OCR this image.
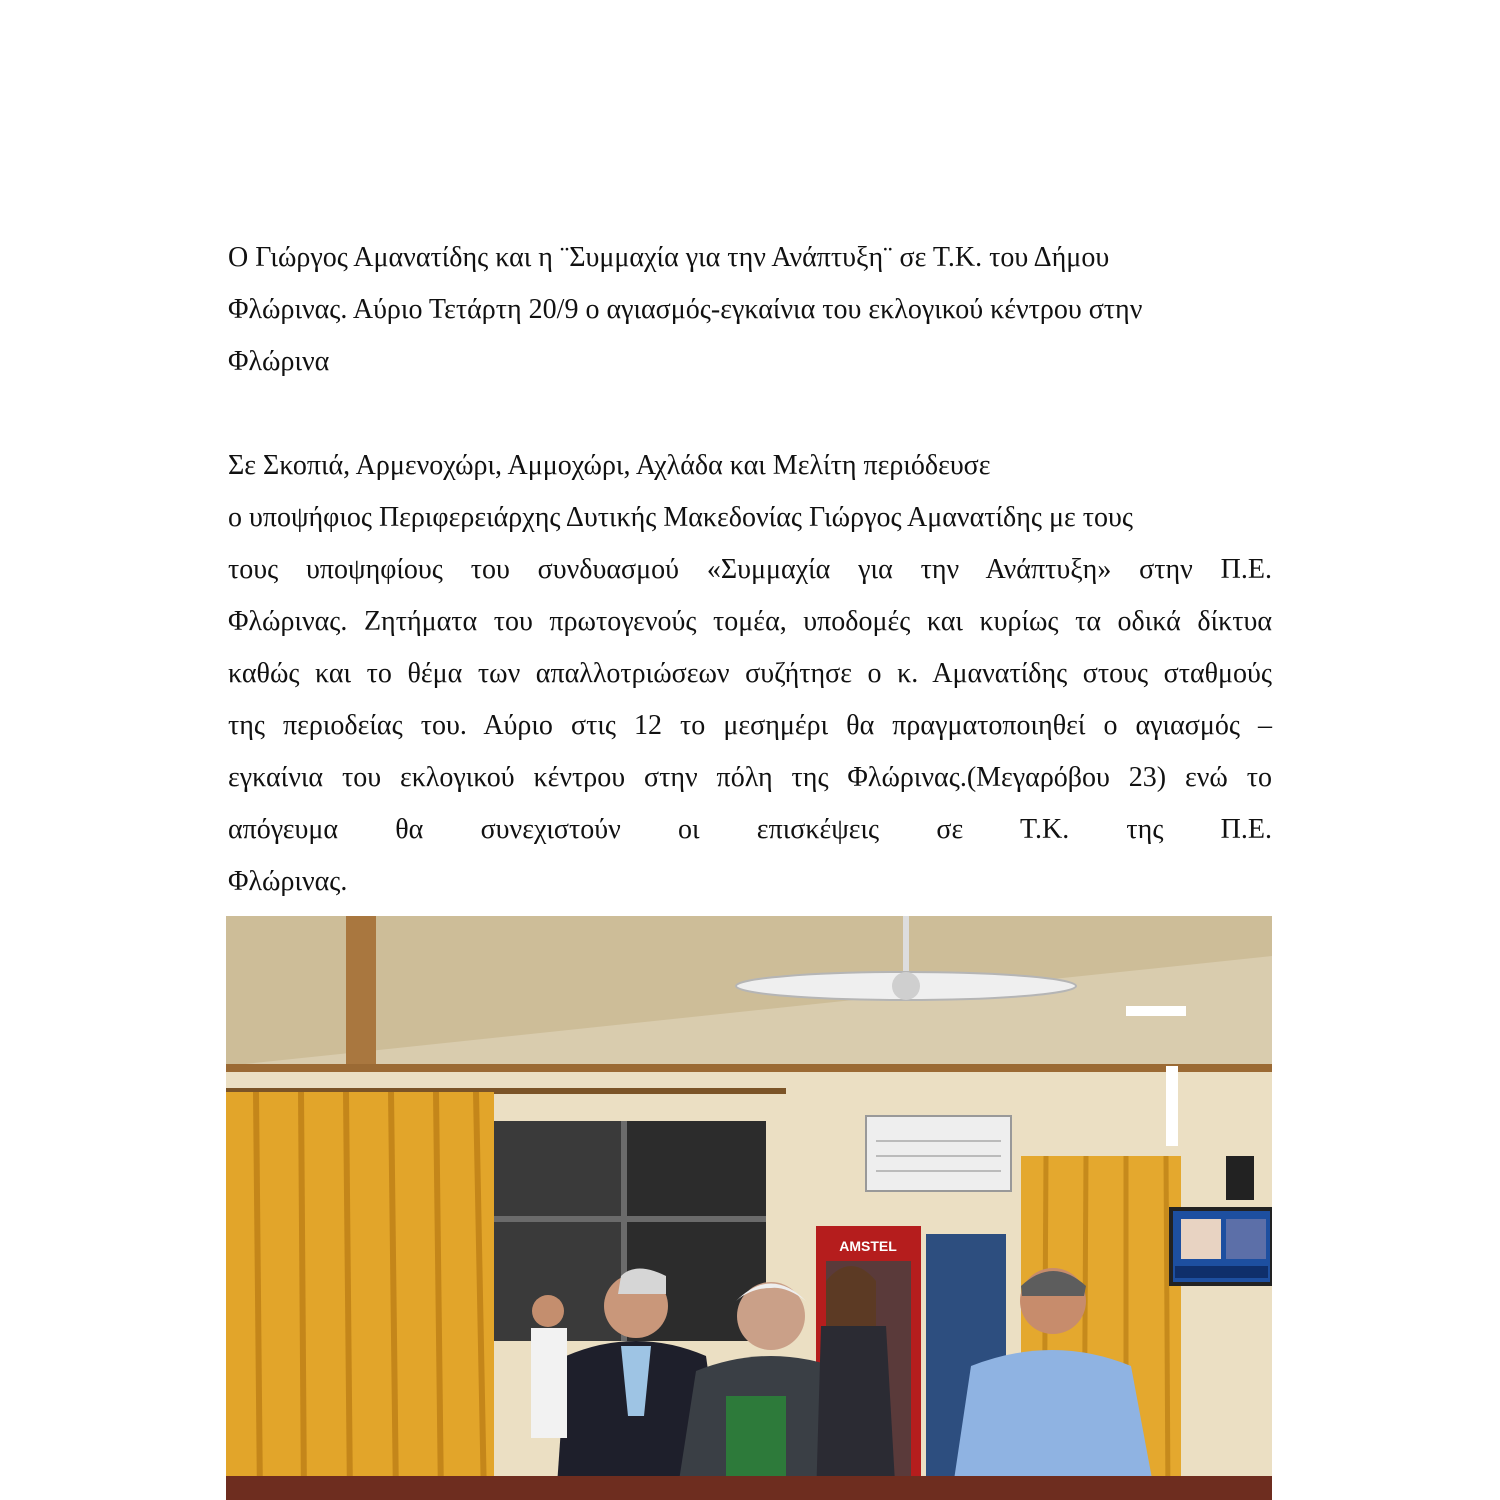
Ο Γιώργος Αμανατίδης και η ¨Συμμαχία για την Ανάπτυξη¨ σε Τ.Κ. του Δήμου
Φλώρινας. Αύριο Τετάρτη 20/9 ο αγιασμός-εγκαίνια του εκλογικού κέντρου στην
Φλώρινα
Σε Σκοπιά, Αρμενοχώρι, Αμμοχώρι, Αχλάδα και Μελίτη περιόδευσε
ο υποψήφιος Περιφερειάρχης Δυτικής Μακεδονίας Γιώργος Αμανατίδης με τους
τους υποψηφίους του συνδυασμού «Συμμαχία για την Ανάπτυξη» στην Π.Ε.
Φλώρινας. Ζητήματα του πρωτογενούς τομέα, υποδομές και κυρίως τα οδικά δίκτυα
καθώς και το θέμα των απαλλοτριώσεων συζήτησε ο κ. Αμανατίδης στους σταθμούς
της περιοδείας του. Αύριο στις 12 το μεσημέρι θα πραγματοποιηθεί ο αγιασμός –
εγκαίνια του εκλογικού κέντρου στην πόλη της Φλώρινας.(Μεγαρόβου 23) ενώ το
απόγευμα θα συνεχιστούν οι επισκέψεις σε Τ.Κ. της Π.Ε.
Φλώρινας.
AMSTEL
